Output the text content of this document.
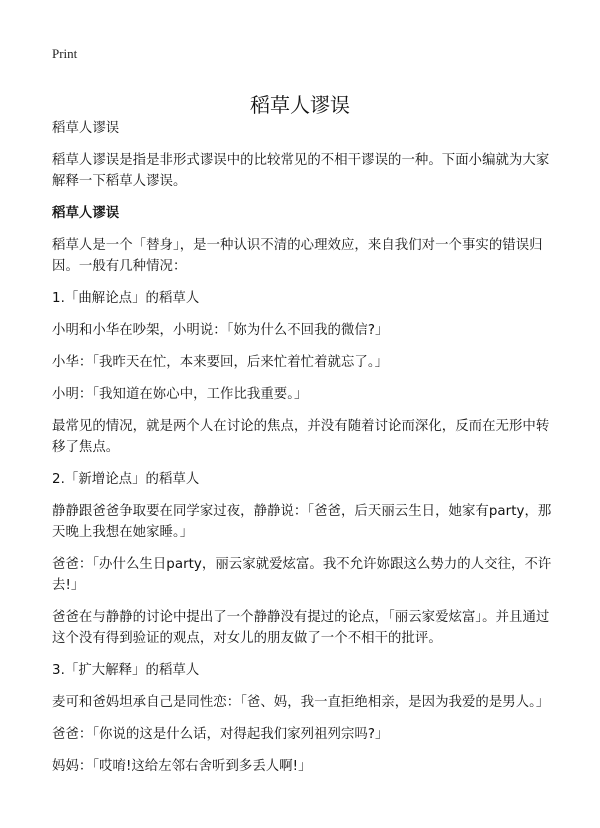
Print
稻草人谬误

稻草人谬误

稻草人谬误是指是非形式谬误中的比较常见的不相干谬误的一种。下面小编就为大家解释一下稻草人谬误。

稻草人谬误

稻草人是一个「替身」，是一种认识不清的心理效应，来自我们对一个事实的错误归因。一般有几种情况：

1.「曲解论点」的稻草人

小明和小华在吵架，小明说：「妳为什么不回我的微信?」

小华：「我昨天在忙，本来要回，后来忙着忙着就忘了。」

小明：「我知道在妳心中，工作比我重要。」

最常见的情况，就是两个人在讨论的焦点，并没有随着讨论而深化，反而在无形中转移了焦点。

2.「新增论点」的稻草人

静静跟爸爸争取要在同学家过夜，静静说：「爸爸，后天丽云生日，她家有party，那天晚上我想在她家睡。」

爸爸：「办什么生日party，丽云家就爱炫富。我不允许妳跟这么势力的人交往，不许去!」

爸爸在与静静的讨论中提出了一个静静没有提过的论点，「丽云家爱炫富」。并且通过这个没有得到验证的观点，对女儿的朋友做了一个不相干的批评。

3.「扩大解释」的稻草人

麦可和爸妈坦承自己是同性恋：「爸、妈，我一直拒绝相亲，是因为我爱的是男人。」

爸爸：「你说的这是什么话，对得起我们家列祖列宗吗?」

妈妈：「哎唷!这给左邻右舍听到多丢人啊!」
